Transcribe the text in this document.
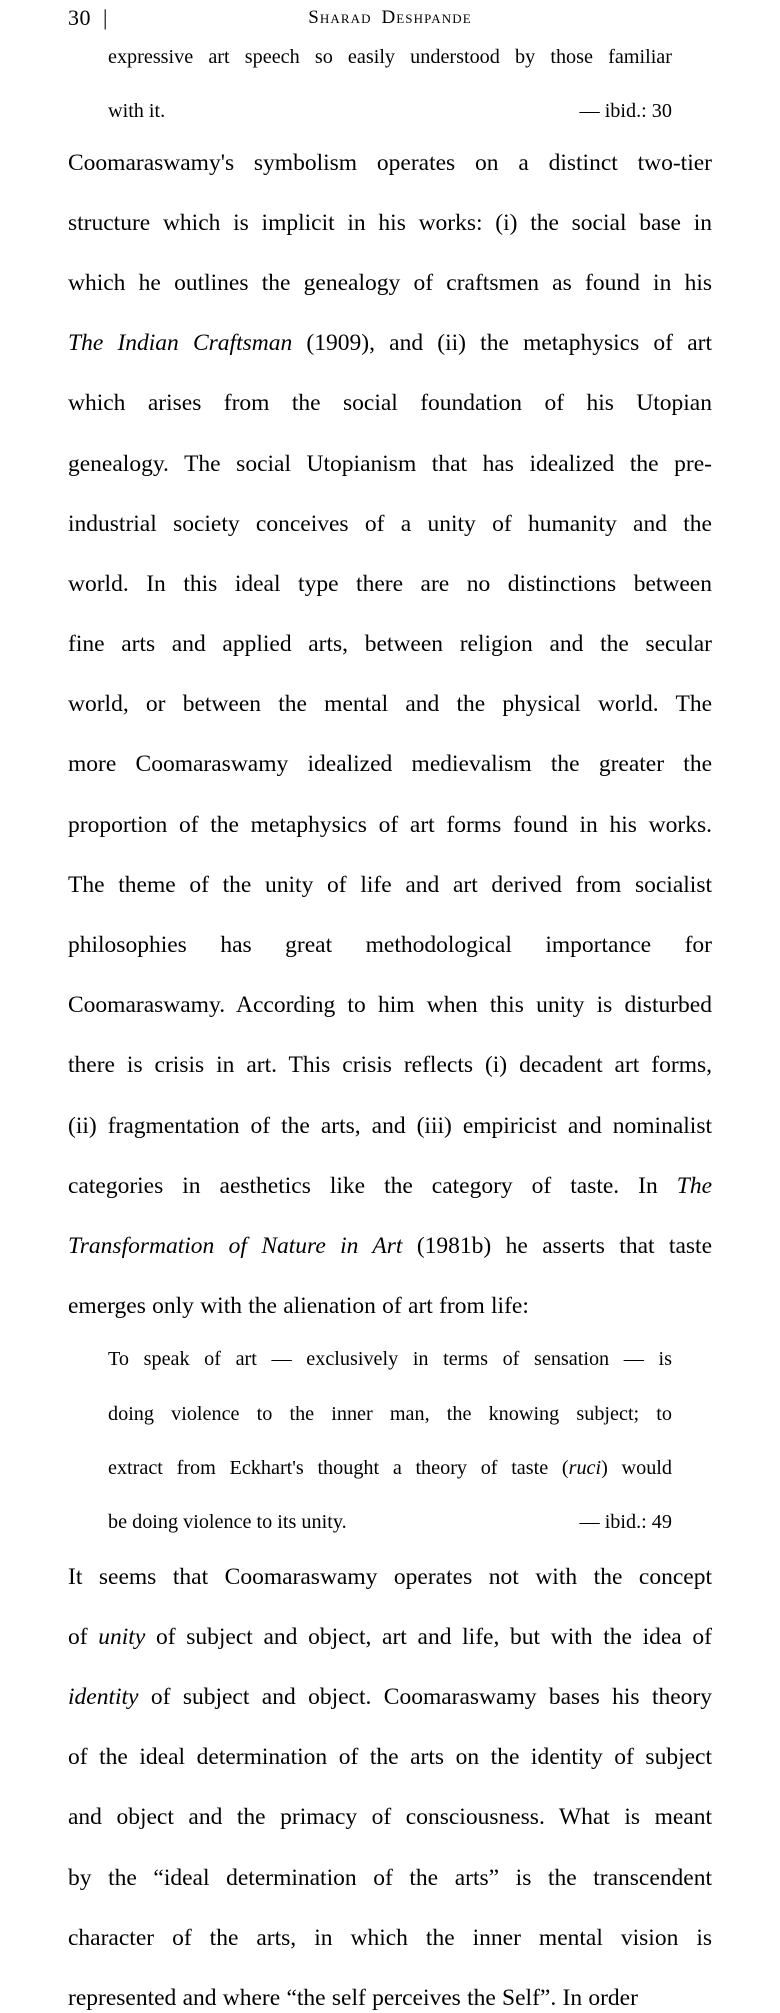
30  |	Sharad Deshpande
expressive art speech so easily understood by those familiar
with it.	— ibid.: 30

Coomaraswamy's symbolism operates on a distinct two-tier
structure which is implicit in his works: (i) the social base in
which he outlines the genealogy of craftsmen as found in his
The Indian Craftsman (1909), and (ii) the metaphysics of art
which arises from the social foundation of his Utopian
genealogy. The social Utopianism that has idealized the pre-
industrial society conceives of a unity of humanity and the
world. In this ideal type there are no distinctions between
fine arts and applied arts, between religion and the secular
world, or between the mental and the physical world. The
more Coomaraswamy idealized medievalism the greater the
proportion of the metaphysics of art forms found in his works.
The theme of the unity of life and art derived from socialist
philosophies has great methodological importance for
Coomaraswamy. According to him when this unity is disturbed
there is crisis in art. This crisis reflects (i) decadent art forms,
(ii) fragmentation of the arts, and (iii) empiricist and nominalist
categories in aesthetics like the category of taste. In The
Transformation of Nature in Art (1981b) he asserts that taste
emerges only with the alienation of art from life:

To speak of art — exclusively in terms of sensation — is
doing violence to the inner man, the knowing subject; to
extract from Eckhart's thought a theory of taste (ruci) would
be doing violence to its unity.	— ibid.: 49

It seems that Coomaraswamy operates not with the concept
of unity of subject and object, art and life, but with the idea of
identity of subject and object. Coomaraswamy bases his theory
of the ideal determination of the arts on the identity of subject
and object and the primacy of consciousness. What is meant
by the “ideal determination of the arts” is the transcendent
character of the arts, in which the inner mental vision is
represented and where “the self perceives the Self”. In order
